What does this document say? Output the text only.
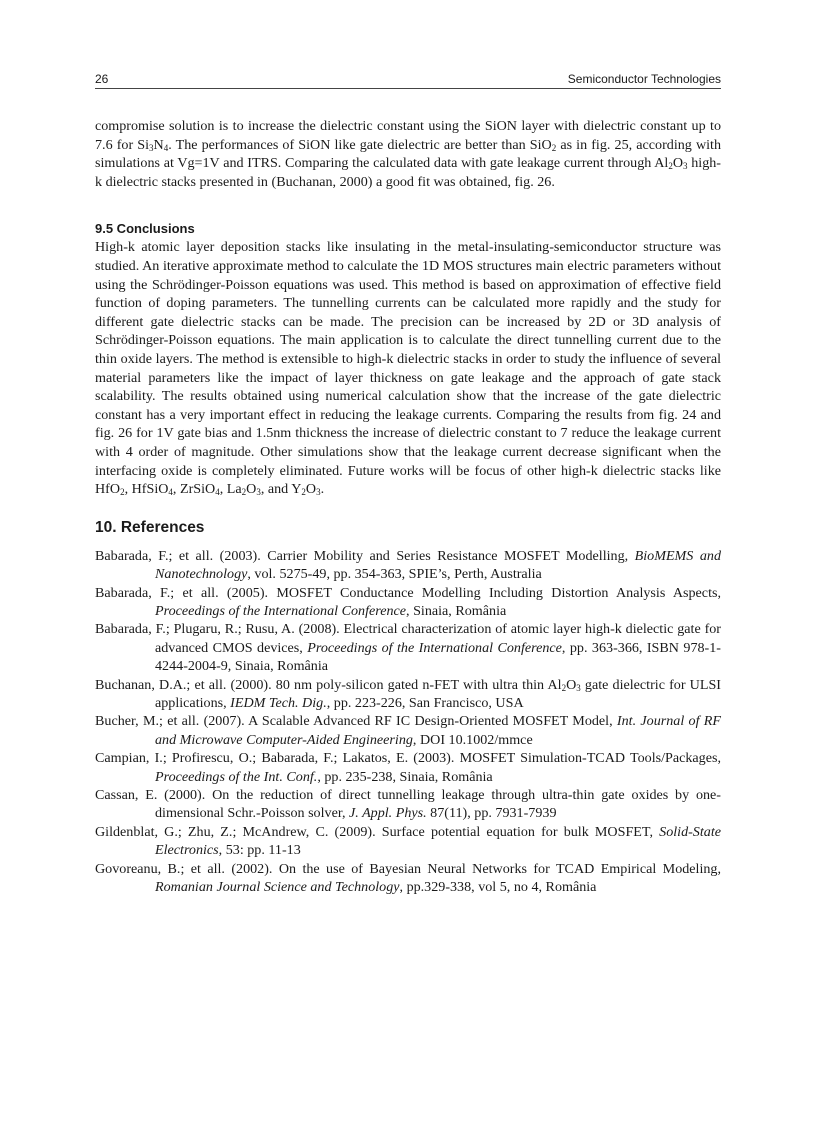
26	Semiconductor Technologies

compromise solution is to increase the dielectric constant using the SiON layer with dielectric constant up to 7.6 for $Si_3N_4$. The performances of SiON like gate dielectric are better than SiO$_2$ as in fig. 25, according with simulations at Vg=1V and ITRS. Comparing the calculated data with gate leakage current through $Al_2O_3$ high-k dielectric stacks presented in (Buchanan, 2000) a good fit was obtained, fig. 26.

9.5 Conclusions

High-k atomic layer deposition stacks like insulating in the metal-insulating-semiconductor structure was studied. An iterative approximate method to calculate the 1D MOS structures main electric parameters without using the Schrödinger-Poisson equations was used. This method is based on approximation of effective field function of doping parameters. The tunnelling currents can be calculated more rapidly and the study for different gate dielectric stacks can be made. The precision can be increased by 2D or 3D analysis of Schrödinger-Poisson equations. The main application is to calculate the direct tunnelling current due to the thin oxide layers. The method is extensible to high-k dielectric stacks in order to study the influence of several material parameters like the impact of layer thickness on gate leakage and the approach of gate stack scalability. The results obtained using numerical calculation show that the increase of the gate dielectric constant has a very important effect in reducing the leakage currents. Comparing the results from fig. 24 and fig. 26 for 1V gate bias and 1.5nm thickness the increase of dielectric constant to 7 reduce the leakage current with 4 order of magnitude. Other simulations show that the leakage current decrease significant when the interfacing oxide is completely eliminated. Future works will be focus of other high-k dielectric stacks like HfO$_2$, HfSiO$_4$, ZrSiO$_4$, $La_2O_3$, and $Y_2O_3$.

10. References

Babarada, F.; et all. (2003). Carrier Mobility and Series Resistance MOSFET Modelling, BioMEMS and Nanotechnology, vol. 5275-49, pp. 354-363, SPIE’s, Perth, Australia

Babarada, F.; et all. (2005). MOSFET Conductance Modelling Including Distortion Analysis Aspects, Proceedings of the International Conference, Sinaia, România

Babarada, F.; Plugaru, R.; Rusu, A. (2008). Electrical characterization of atomic layer high-k dielectic gate for advanced CMOS devices, Proceedings of the International Conference, pp. 363-366, ISBN 978-1-4244-2004-9, Sinaia, România

Buchanan, D.A.; et all. (2000). 80 nm poly-silicon gated n-FET with ultra thin $Al_2O_3$ gate dielectric for ULSI applications, IEDM Tech. Dig., pp. 223-226, San Francisco, USA

Bucher, M.; et all. (2007). A Scalable Advanced RF IC Design-Oriented MOSFET Model, Int. Journal of RF and Microwave Computer-Aided Engineering, DOI 10.1002/mmce

Campian, I.; Profirescu, O.; Babarada, F.; Lakatos, E. (2003). MOSFET Simulation-TCAD Tools/Packages, Proceedings of the Int. Conf., pp. 235-238, Sinaia, România

Cassan, E. (2000). On the reduction of direct tunnelling leakage through ultra-thin gate oxides by one-dimensional Schr.-Poisson solver, J. Appl. Phys. 87(11), pp. 7931-7939

Gildenblat, G.; Zhu, Z.; McAndrew, C. (2009). Surface potential equation for bulk MOSFET, Solid-State Electronics, 53: pp. 11-13

Govoreanu, B.; et all. (2002). On the use of Bayesian Neural Networks for TCAD Empirical Modeling, Romanian Journal Science and Technology, pp.329-338, vol 5, no 4, România
